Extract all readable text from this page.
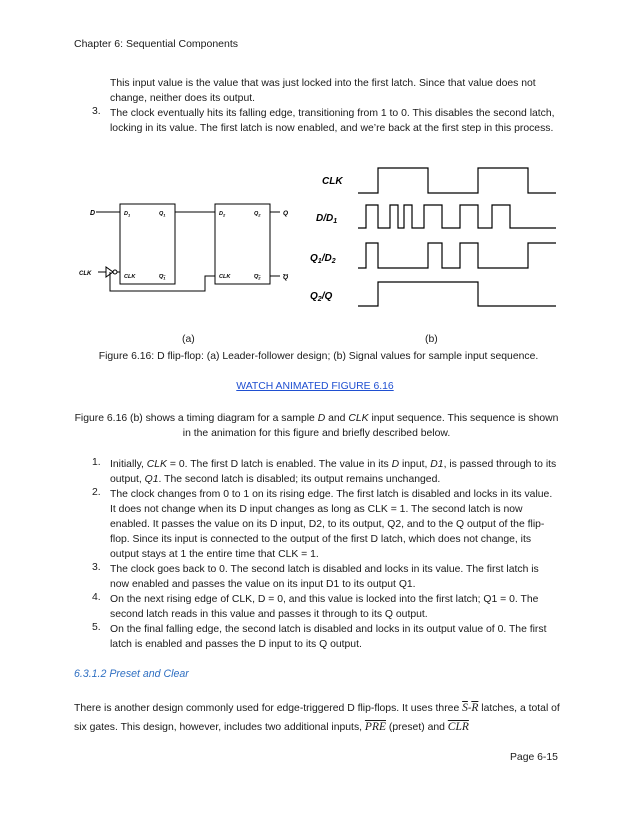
Chapter 6: Sequential Components
This input value is the value that was just locked into the first latch. Since that value does not change, neither does its output.
3. The clock eventually hits its falling edge, transitioning from 1 to 0. This disables the second latch, locking in its value. The first latch is now enabled, and we’re back at the first step in this process.
D
CLK
$D_1$	$Q_1$
CLK	$Q_1$
$D_2$	$Q_2$
CLK	$Q_2$
Q
Q
CLK
$D/D_1$
$Q_1/D_2$
$Q_2/Q$
(a)	(b)
Figure 6.16: D flip-flop: (a) Leader-follower design; (b) Signal values for sample input sequence.
WATCH ANIMATED FIGURE 6.16
Figure 6.16 (b) shows a timing diagram for a sample D and CLK input sequence. This sequence is shown in the animation for this figure and briefly described below.
1. Initially, CLK = 0. The first D latch is enabled. The value in its D input, D1, is passed through to its output, Q1. The second latch is disabled; its output remains unchanged.
2. The clock changes from 0 to 1 on its rising edge. The first latch is disabled and locks in its value. It does not change when its D input changes as long as CLK = 1. The second latch is now enabled. It passes the value on its D input, D2, to its output, Q2, and to the Q output of the flip-flop. Since its input is connected to the output of the first D latch, which does not change, its output stays at 1 the entire time that CLK = 1.
3. The clock goes back to 0. The second latch is disabled and locks in its value. The first latch is now enabled and passes the value on its input D1 to its output Q1.
4. On the next rising edge of CLK, D = 0, and this value is locked into the first latch; Q1 = 0. The second latch reads in this value and passes it through to its Q output.
5. On the final falling edge, the second latch is disabled and locks in its output value of 0. The first latch is enabled and passes the D input to its Q output.
6.3.1.2 Preset and Clear
There is another design commonly used for edge-triggered D flip-flops. It uses three $\overline{S}-\overline{R}$ latches, a total of six gates. This design, however, includes two additional inputs, $\overline{PRE}$ (preset) and $\overline{CLR}$
Page 6-15
